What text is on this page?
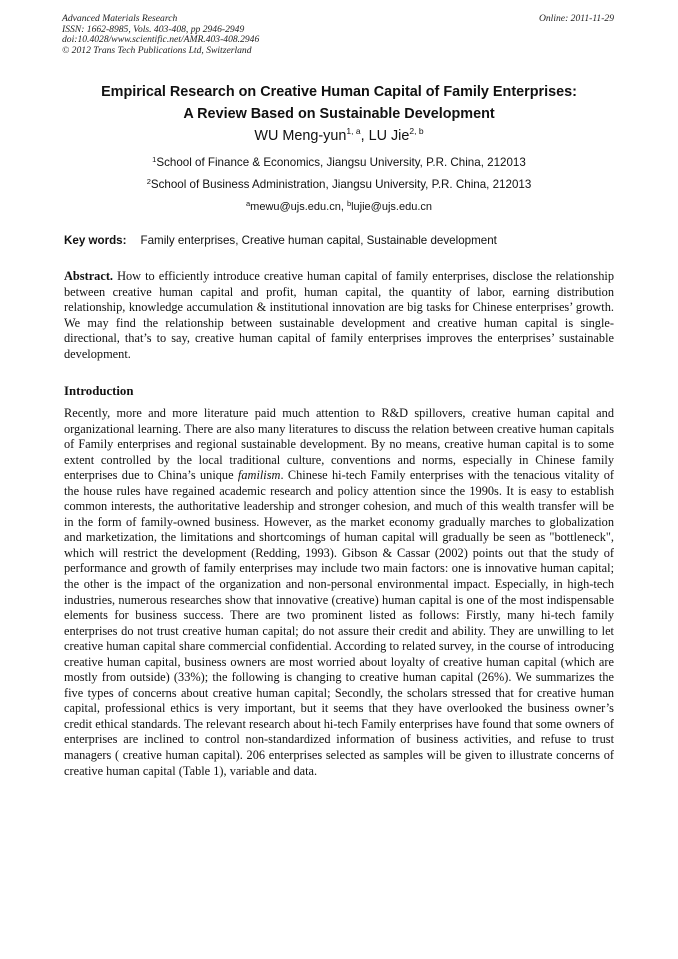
Advanced Materials Research
ISSN: 1662-8985, Vols. 403-408, pp 2946-2949
doi:10.4028/www.scientific.net/AMR.403-408.2946
© 2012 Trans Tech Publications Ltd, Switzerland
Online: 2011-11-29
Empirical Research on Creative Human Capital of Family Enterprises:
A Review Based on Sustainable Development
WU Meng-yun$^{1, a}$, LU Jie$^{2, b}$
$^1$School of Finance & Economics, Jiangsu University, P.R. China, 212013
$^2$School of Business Administration, Jiangsu University, P.R. China, 212013
$^a$mewu@ujs.edu.cn, $^b$lujie@ujs.edu.cn
Key words: Family enterprises, Creative human capital, Sustainable development
Abstract. How to efficiently introduce creative human capital of family enterprises, disclose the relationship between creative human capital and profit, human capital, the quantity of labor, earning distribution relationship, knowledge accumulation & institutional innovation are big tasks for Chinese enterprises’ growth. We may find the relationship between sustainable development and creative human capital is single-directional, that’s to say, creative human capital of family enterprises improves the enterprises’ sustainable development.
Introduction
Recently, more and more literature paid much attention to R&D spillovers, creative human capital and organizational learning. There are also many literatures to discuss the relation between creative human capitals of Family enterprises and regional sustainable development. By no means, creative human capital is to some extent controlled by the local traditional culture, conventions and norms, especially in Chinese family enterprises due to China’s unique familism. Chinese hi-tech Family enterprises with the tenacious vitality of the house rules have regained academic research and policy attention since the 1990s. It is easy to establish common interests, the authoritative leadership and stronger cohesion, and much of this wealth transfer will be in the form of family-owned business. However, as the market economy gradually marches to globalization and marketization, the limitations and shortcomings of human capital will gradually be seen as "bottleneck", which will restrict the development (Redding, 1993). Gibson & Cassar (2002) points out that the study of performance and growth of family enterprises may include two main factors: one is innovative human capital; the other is the impact of the organization and non-personal environmental impact. Especially, in high-tech industries, numerous researches show that innovative (creative) human capital is one of the most indispensable elements for business success. There are two prominent listed as follows: Firstly, many hi-tech family enterprises do not trust creative human capital; do not assure their credit and ability. They are unwilling to let creative human capital share commercial confidential. According to related survey, in the course of introducing creative human capital, business owners are most worried about loyalty of creative human capital (which are mostly from outside) (33%); the following is changing to creative human capital (26%). We summarizes the five types of concerns about creative human capital; Secondly, the scholars stressed that for creative human capital, professional ethics is very important, but it seems that they have overlooked the business owner’s credit ethical standards. The relevant research about hi-tech Family enterprises have found that some owners of enterprises are inclined to control non-standardized information of business activities, and refuse to trust managers ( creative human capital). 206 enterprises selected as samples will be given to illustrate concerns of creative human capital (Table 1), variable and data.
